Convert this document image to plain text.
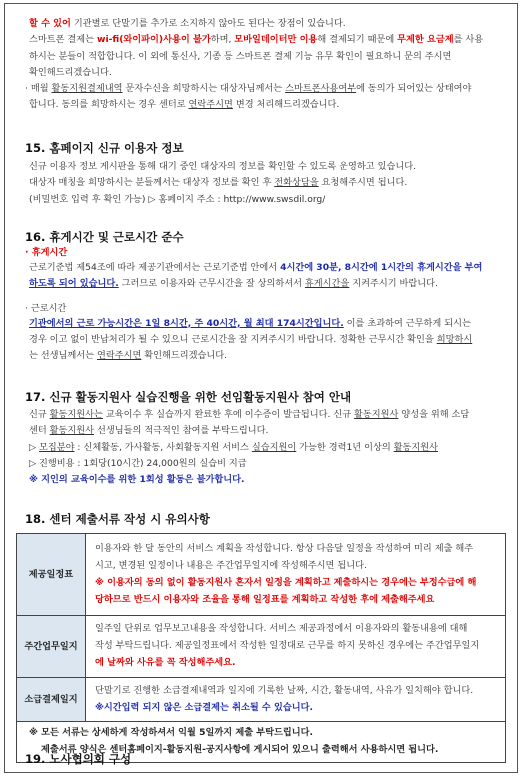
할 수 있어 기관별로 단말기를 추가로 소지하지 않아도 된다는 장점이 있습니다.

스마트폰 결제는 wi-fi(와이파이)사용이 불가하며, 모바일데이터만 이용해 결제되기 때문에 무제한 요금제를 사용

하시는 분들이 적합합니다. 이 외에 통신사, 기종 등 스마트폰 결제 기능 유무 확인이 필요하니 문의 주시면

확인해드리겠습니다.

· 매월 활동지원결제내역 문자수신을 희망하시는 대상자님께서는 스마트폰사용여부에 동의가 되어있는 상태여야

합니다. 동의를 희망하시는 경우 센터로 연락주시면 변경 처리해드리겠습니다.

15. 홈페이지 신규 이용자 정보

신규 이용자 정보 게시판을 통해 대기 중인 대상자의 정보를 확인할 수 있도록 운영하고 있습니다.

대상자 매칭을 희망하시는 분들께서는 대상자 정보를 확인 후 전화상담을 요청해주시면 됩니다.

(비밀번호 입력 후 확인 가능) ▷ 홈페이지 주소 : http://www.swsdil.org/

16. 휴게시간 및 근로시간 준수

· 휴게시간

근로기준법 제54조에 따라 제공기관에서는 근로기준법 안에서 4시간에 30분, 8시간에 1시간의 휴게시간을 부여

하도록 되어 있습니다. 그러므로 이용자와 근무시간을 잘 상의하셔서 휴게시간을 지켜주시기 바랍니다.

· 근로시간

기관에서의 근로 가능시간은 1일 8시간, 주 40시간, 월 최대 174시간입니다. 이를 초과하여 근무하게 되시는

경우 이고 없이 반납처리가 될 수 있으니 근로시간을 잘 지켜주시기 바랍니다. 정확한 근무시간 확인을 희망하시

는 선생님께서는 연락주시면 확인해드리겠습니다.

17. 신규 활동지원사 실습진행을 위한 선임활동지원사 참여 안내

신규 활동지원사는 교육이수 후 실습까지 완료한 후에 이수증이 발급됩니다. 신규 활동지원사 양성을 위해 소담

센터 활동지원사 선생님들의 적극적인 참여를 부탁드립니다.

▷ 모집분야 : 신체활동, 가사활동, 사회활동지원 서비스 실습지원이 가능한 경력1년 이상의 활동지원사

▷ 진행비용 : 1회당(10시간) 24,000원의 실습비 지급

※ 지인의 교육이수를 위한 1회성 활동은 불가합니다.

18. 센터 제출서류 작성 시 유의사항

제공일정표	이용자와 한 달 동안의 서비스 계획을 작성합니다. 항상 다음달 일정을 작성하여 미리 제출 해주
시고, 변경된 일정이나 내용은 주간업무일지에 작성해주시면 됩니다.
※ 이용자의 동의 없이 활동지원사 혼자서 일정을 계획하고 제출하시는 경우에는 부정수급에 해
당하므로 반드시 이용자와 조율을 통해 일정표를 계획하고 작성한 후에 제출해주세요

주간업무일지	일주일 단위로 업무보고내용을 작성합니다. 서비스 제공과정에서 이용자와의 활동내용에 대해
작성 부탁드립니다. 제공일정표에서 작성한 일정대로 근무를 하지 못하신 경우에는 주간업무일지
에 날짜와 사유를 꼭 작성해주세요.

소급결제일지	단말기로 진행한 소급결제내역과 일지에 기록한 날짜, 시간, 활동내역, 사유가 일치해야 합니다.
※시간입력 되지 않은 소급결제는 취소될 수 있습니다.

※ 모든 서류는 상세하게 작성하셔서 익월 5일까지 제출 부탁드립니다.
제출서류 양식은 센터홈페이지-활동지원-공지사항에 게시되어 있으니 출력해서 사용하시면 됩니다.	

19. 노사협의회 구성
